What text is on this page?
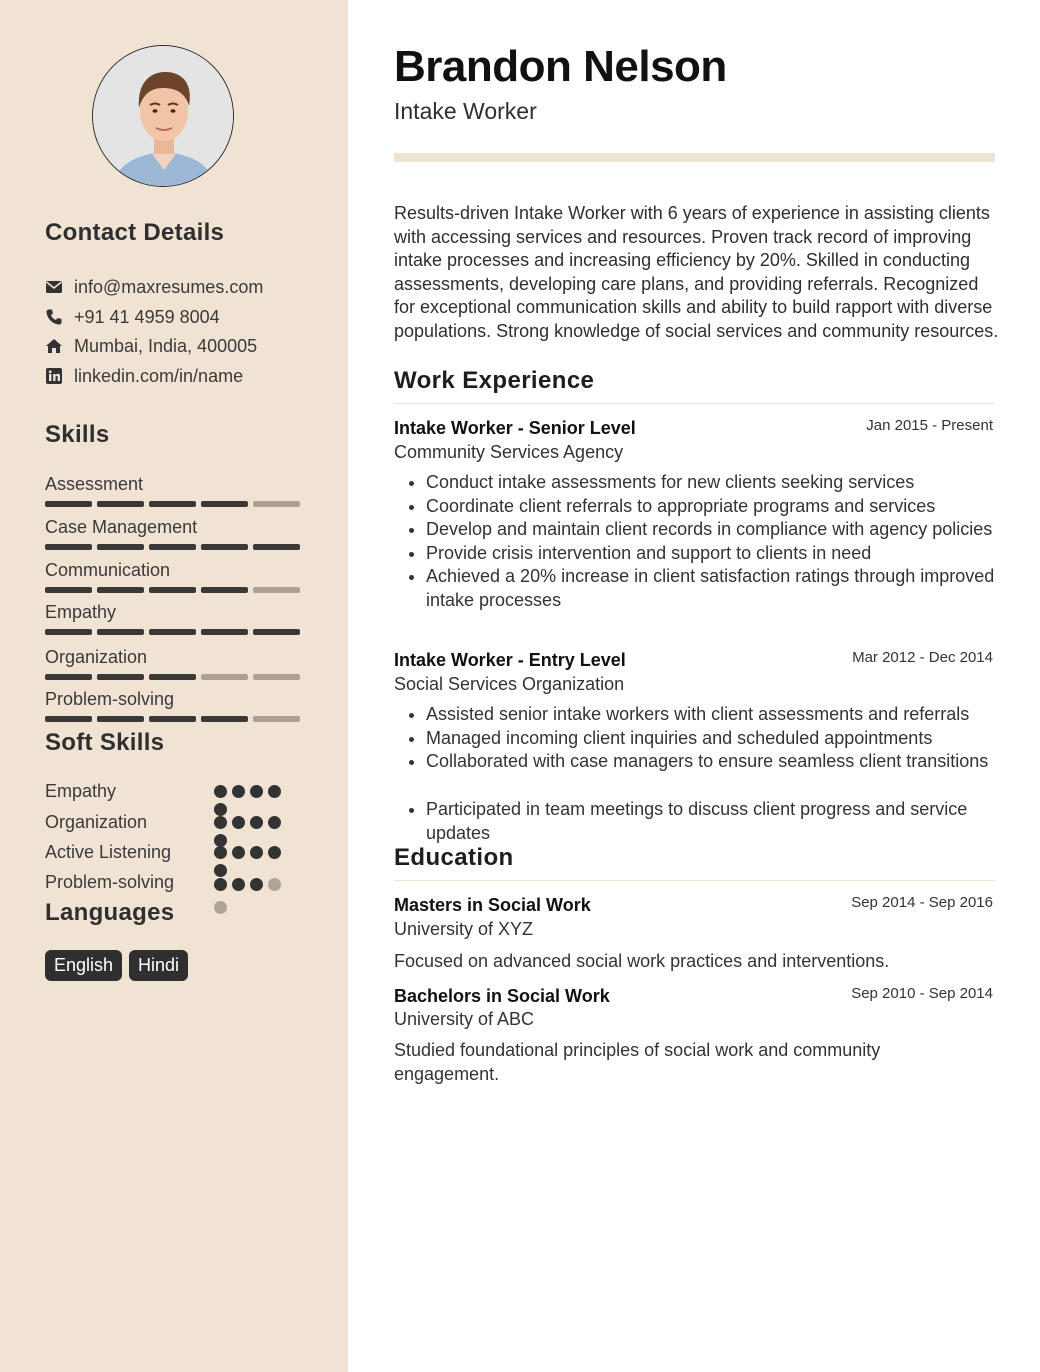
Contact Details
info@maxresumes.com
+91 41 4959 8004
Mumbai, India, 400005
linkedin.com/in/name
Skills
Assessment
Case Management
Communication
Empathy
Organization
Problem-solving
Soft Skills
Empathy
Organization
Active Listening
Problem-solving
Languages
English	Hindi
Brandon Nelson
Intake Worker

Results-driven Intake Worker with 6 years of experience in assisting clients with accessing services and resources. Proven track record of improving intake processes and increasing efficiency by 20%. Skilled in conducting assessments, developing care plans, and providing referrals. Recognized for exceptional communication skills and ability to build rapport with diverse populations. Strong knowledge of social services and community resources.

Work Experience
Intake Worker - Senior Level	Jan 2015 - Present
Community Services Agency
• Conduct intake assessments for new clients seeking services
• Coordinate client referrals to appropriate programs and services
• Develop and maintain client records in compliance with agency policies
• Provide crisis intervention and support to clients in need
• Achieved a 20% increase in client satisfaction ratings through improved intake processes
Intake Worker - Entry Level	Mar 2012 - Dec 2014
Social Services Organization
• Assisted senior intake workers with client assessments and referrals
• Managed incoming client inquiries and scheduled appointments
• Collaborated with case managers to ensure seamless client transitions
• Participated in team meetings to discuss client progress and service updates
Education
Masters in Social Work	Sep 2014 - Sep 2016
University of XYZ

Focused on advanced social work practices and interventions.

Bachelors in Social Work	Sep 2010 - Sep 2014
University of ABC

Studied foundational principles of social work and community engagement.
